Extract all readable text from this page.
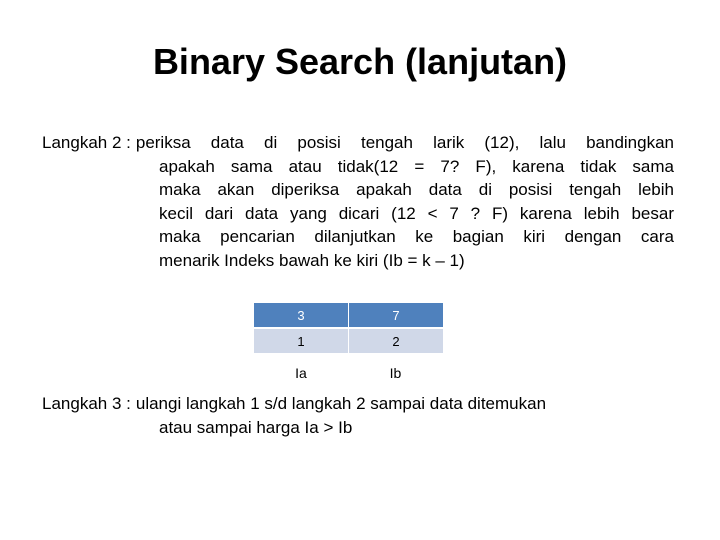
Binary Search (lanjutan)
Langkah 2 : periksa data di posisi tengah larik (12), lalu bandingkan
apakah sama atau tidak(12 = 7? F), karena tidak sama
maka akan diperiksa apakah data di posisi tengah lebih
kecil dari data yang dicari (12 < 7 ? F) karena lebih besar
maka pencarian dilanjutkan ke bagian kiri dengan cara
menarik Indeks bawah ke kiri (Ib = k – 1)
3	7
1	2
Ia	Ib
Langkah 3 : ulangi langkah 1 s/d langkah 2 sampai data ditemukan
atau sampai harga Ia > Ib
